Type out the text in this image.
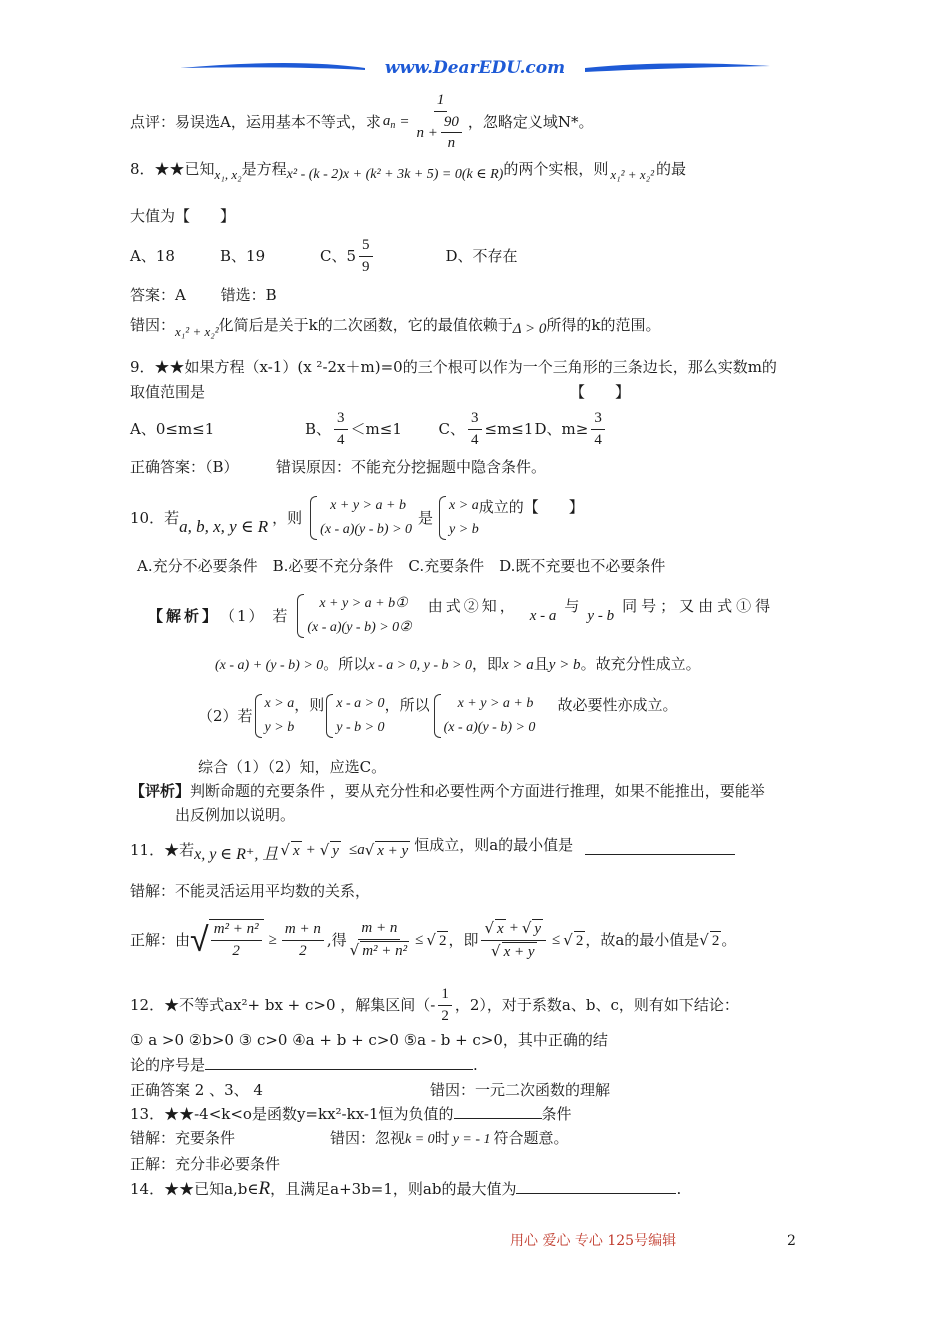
www.DearEDU.com
点评：易误选A，运用基本不等式，求 $a_n = \frac{1}{n + \frac{90}{n}}$ ，忽略定义域N*。
8．★★已知x₁, x₂是方程x² - (k - 2)x + (k² + 3k + 5) = 0(k ∈ R)的两个实根，则 x₁² + x₂² 的最
大值为【　　】
A、18	B、19	C、$5 \frac{5}{9}$	D、不存在
答案：A　　 错选：B
错因：x₁² + x₂²化简后是关于k的二次函数，它的最值依赖于Δ > 0所得的k的范围。
9．★★如果方程（x-1）(x ²-2x＋m)=0的三个根可以作为一个三角形的三条边长，那么实数m的
取值范围是	【　　】
A、0≤m≤1	B、 $\frac{3}{4} <m\le 1$	C、 $\frac{3}{4} \le m\le 1$ D、$m\ge \frac{3}{4}$
正确答案：（B）　　　错误原因：不能充分挖掘题中隐含条件。
10．若 a, b, x, y ∈ R ，则
x + y > a + b
(x - a)(y - b) > 0
是
x > a
y > b
成立的【　　】
A.充分不必要条件　B.必要不充分条件　C.充要条件　D.既不充要也不必要条件
【解析】 （1） 若
x + y > a + b①
(x - a)(y - b) > 0②
由式②知，
x - a
与
y - b
同号；又由式①得
(x - a) + (y - b) > 0。所以x - a > 0, y - b > 0，即x > a且y > b。故充分性成立。
（2）若
x > a
y > b
，则 x - a > 0
y - b > 0
，所以	x + y > a + b
(x - a)(y - b) > 0
故必要性亦成立。
综合（1）（2）知，应选C。
【评析】判断命题的充要条件 ，要从充分性和必要性两个方面进行推理，如果不能推出，要能举
出反例加以说明。
11．★若 x, y ∈ R⁺, 且 √ x + √ y ≤a √ x + y 恒成立，则a的最小值是
错解：不能灵活运用平均数的关系，
正解：由 √ $\frac{\text{m² + n²}}{2} \ge \frac{m + n}{2}$ ,得 $\frac{m + n}{\text{√ m² + n²}}$ ≤ √ 2 ，即 $\frac{√ x + √ y}{√ x + y}$ ≤ √ 2 ，故a的最小值是 √ 2 。
12．★不等式ax²+ bx + c>0 ，解集区间（- $\frac{1}{2}$ ，2），对于系数a、b、c，则有如下结论：
① a >0 ②b>0 ③ c>0 ④a + b + c>0 ⑤a - b + c>0，其中正确的结
论的序号是	.
正确答案 2 、3、 4	错因：一元二次函数的理解
13．★★-4<k<o是函数y=kx²-kx-1恒为负值的	条件
错解：充要条件	错因：忽视k = 0时 y = - 1 符合题意。
正解：充分非必要条件
14．★★已知a,b∈R，且满足a+3b=1，则ab的最大值为	.
用心 爱心 专心 125号编辑	2
